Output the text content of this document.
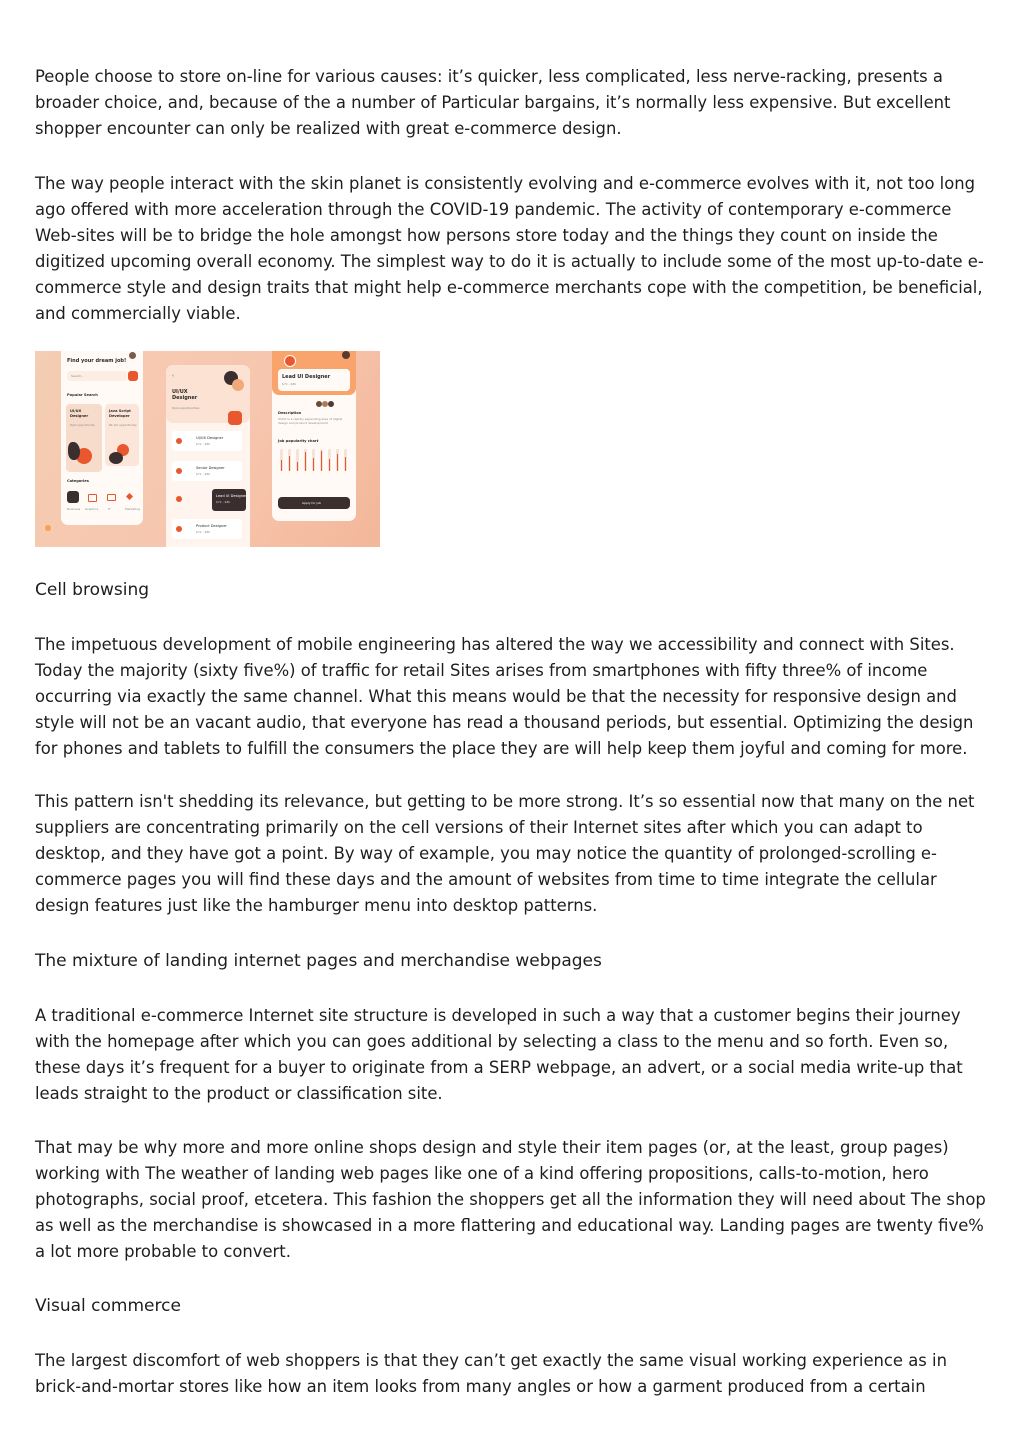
People choose to store on-line for various causes: it’s quicker, less complicated, less nerve-racking, presents a broader choice, and, because of the a number of Particular bargains, it’s normally less expensive. But excellent shopper encounter can only be realized with great e-commerce design.

The way people interact with the skin planet is consistently evolving and e-commerce evolves with it, not too long ago offered with more acceleration through the COVID-19 pandemic. The activity of contemporary e-commerce Web-sites will be to bridge the hole amongst how persons store today and the things they count on inside the digitized upcoming overall economy. The simplest way to do it is actually to include some of the most up-to-date e-commerce style and design traits that might help e-commerce merchants cope with the competition, be beneficial, and commercially viable.

Find your dream job!
Search...
Popular Search
UI/UX Designer
8job opportunity
Java Script Developer
8k job opportunity
Categories
Business Graphics	IT	Marketing
‹
UI/UX Designer
8job opportunities
UI/UX Designer
$7k - $8k
Senior Designer
$7k - $8k
Lead UI Designer
$7k - $8k
Product Designer
$7k - $8k
Lead UI Designer
$7k - $8k
Description
UI/UX is a rapidly expanding area of digital design and product development
Job popularity chart
Apply for job

Cell browsing

The impetuous development of mobile engineering has altered the way we accessibility and connect with Sites. Today the majority (sixty five%) of traffic for retail Sites arises from smartphones with fifty three% of income occurring via exactly the same channel. What this means would be that the necessity for responsive design and style will not be an vacant audio, that everyone has read a thousand periods, but essential. Optimizing the design for phones and tablets to fulfill the consumers the place they are will help keep them joyful and coming for more.

This pattern isn't shedding its relevance, but getting to be more strong. It’s so essential now that many on the net suppliers are concentrating primarily on the cell versions of their Internet sites after which you can adapt to desktop, and they have got a point. By way of example, you may notice the quantity of prolonged-scrolling e-commerce pages you will find these days and the amount of websites from time to time integrate the cellular design features just like the hamburger menu into desktop patterns.

The mixture of landing internet pages and merchandise webpages

A traditional e-commerce Internet site structure is developed in such a way that a customer begins their journey with the homepage after which you can goes additional by selecting a class to the menu and so forth. Even so, these days it’s frequent for a buyer to originate from a SERP webpage, an advert, or a social media write-up that leads straight to the product or classification site.

That may be why more and more online shops design and style their item pages (or, at the least, group pages) working with The weather of landing web pages like one of a kind offering propositions, calls-to-motion, hero photographs, social proof, etcetera. This fashion the shoppers get all the information they will need about The shop as well as the merchandise is showcased in a more flattering and educational way. Landing pages are twenty five% a lot more probable to convert.

Visual commerce

The largest discomfort of web shoppers is that they can’t get exactly the same visual working experience as in brick-and-mortar stores like how an item looks from many angles or how a garment produced from a certain
